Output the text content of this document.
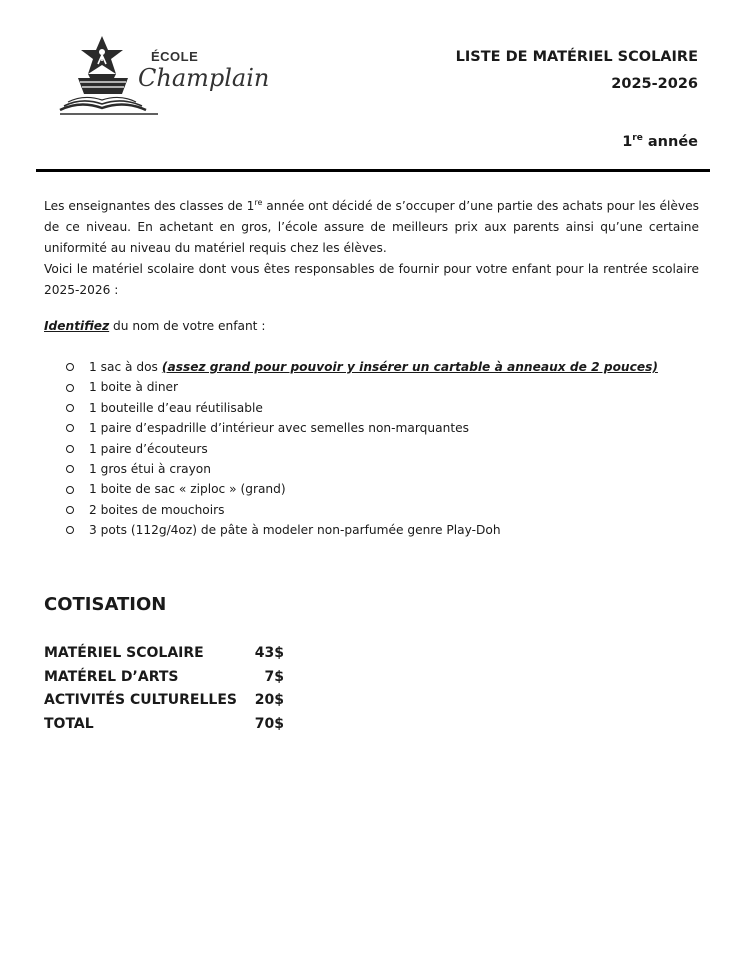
ÉCOLE
Champlain
LISTE DE MATÉRIEL SCOLAIRE
2025-2026
1re année

Les enseignantes des classes de 1re année ont décidé de s’occuper d’une partie des achats pour les élèves de ce niveau. En achetant en gros, l’école assure de meilleurs prix aux parents ainsi qu’une certaine uniformité au niveau du matériel requis chez les élèves.

Voici le matériel scolaire dont vous êtes responsables de fournir pour votre enfant pour la rentrée scolaire 2025-2026 :

Identifiez du nom de votre enfant :
1 sac à dos (assez grand pour pouvoir y insérer un cartable à anneaux de 2 pouces)
1 boite à diner
1 bouteille d’eau réutilisable
1 paire d’espadrille d’intérieur avec semelles non-marquantes
1 paire d’écouteurs
1 gros étui à crayon
1 boite de sac « ziploc » (grand)
2 boites de mouchoirs
3 pots (112g/4oz) de pâte à modeler non-parfumée genre Play-Doh
COTISATION
MATÉRIEL SCOLAIRE	43$
MATÉREL D’ARTS	7$
ACTIVITÉS CULTURELLES	20$
TOTAL	70$
